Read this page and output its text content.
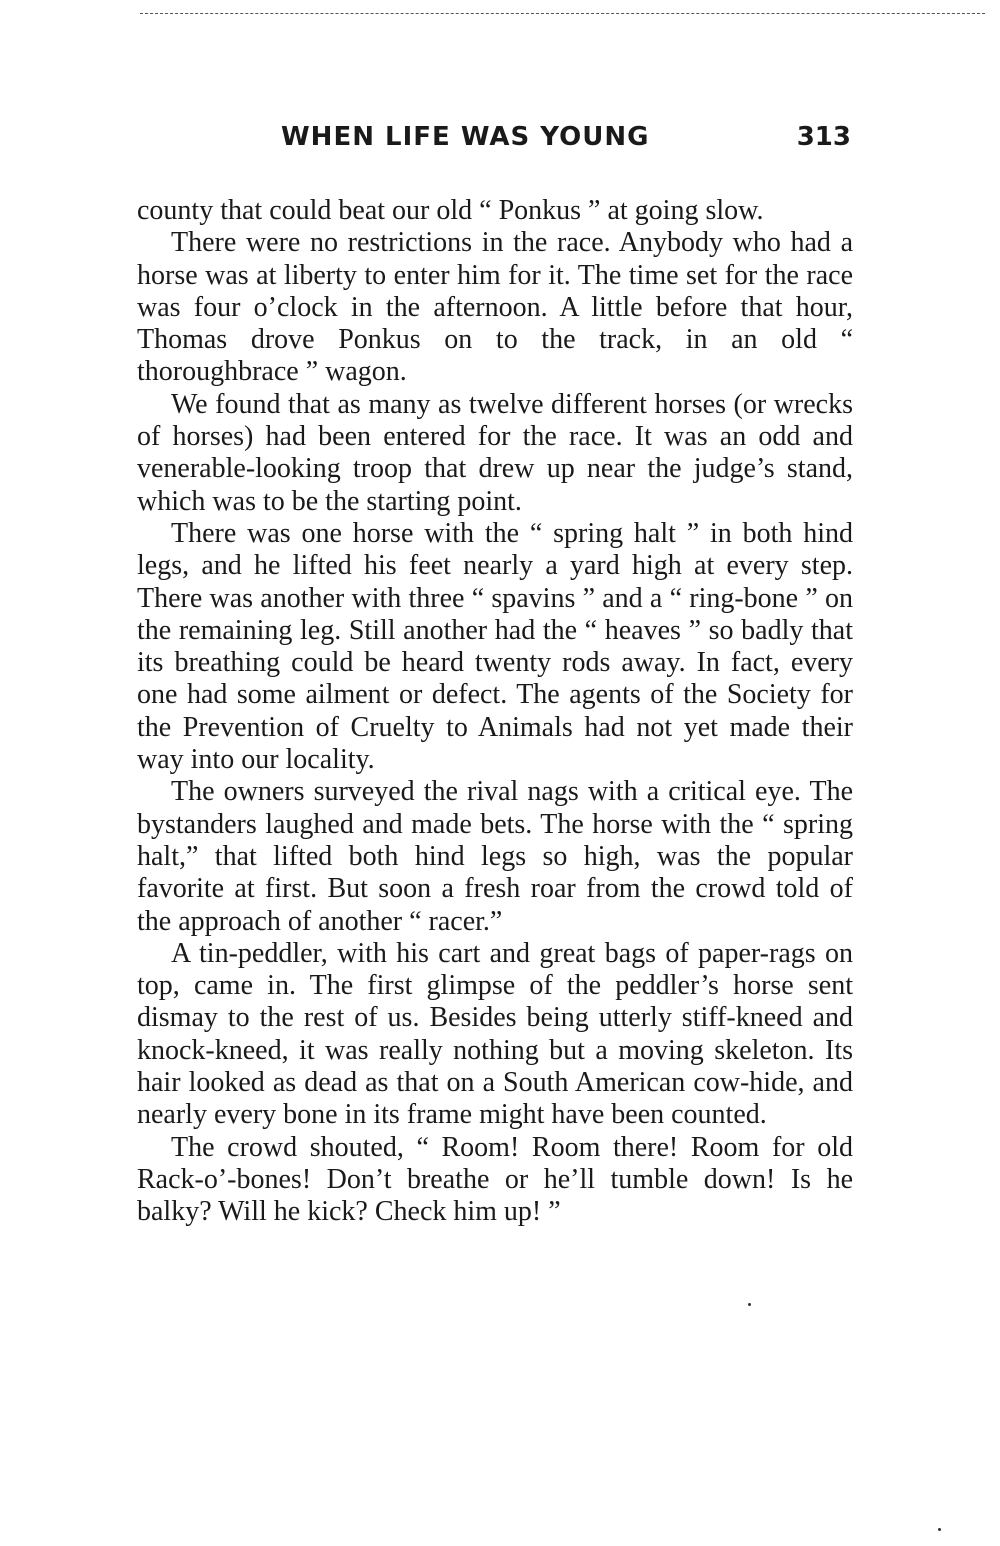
WHEN LIFE WAS YOUNG	313

county that could beat our old “ Ponkus ” at going slow.

There were no restrictions in the race. Anybody who had a horse was at liberty to enter him for it. The time set for the race was four o’clock in the afternoon. A little before that hour, Thomas drove Ponkus on to the track, in an old “ thoroughbrace ” wagon.

We found that as many as twelve different horses (or wrecks of horses) had been entered for the race. It was an odd and venerable-looking troop that drew up near the judge’s stand, which was to be the starting point.

There was one horse with the “ spring halt ” in both hind legs, and he lifted his feet nearly a yard high at every step. There was another with three “ spavins ” and a “ ring-bone ” on the remaining leg. Still another had the “ heaves ” so badly that its breathing could be heard twenty rods away. In fact, every one had some ailment or defect. The agents of the Society for the Prevention of Cruelty to Animals had not yet made their way into our locality.

The owners surveyed the rival nags with a critical eye. The bystanders laughed and made bets. The horse with the “ spring halt,” that lifted both hind legs so high, was the popular favorite at first. But soon a fresh roar from the crowd told of the approach of another “ racer.”

A tin-peddler, with his cart and great bags of paper-rags on top, came in. The first glimpse of the peddler’s horse sent dismay to the rest of us. Besides being utterly stiff-kneed and knock-kneed, it was really nothing but a moving skeleton. Its hair looked as dead as that on a South American cow-hide, and nearly every bone in its frame might have been counted.

The crowd shouted, “ Room! Room there! Room for old Rack-o’-bones! Don’t breathe or he’ll tumble down! Is he balky? Will he kick? Check him up! ”
